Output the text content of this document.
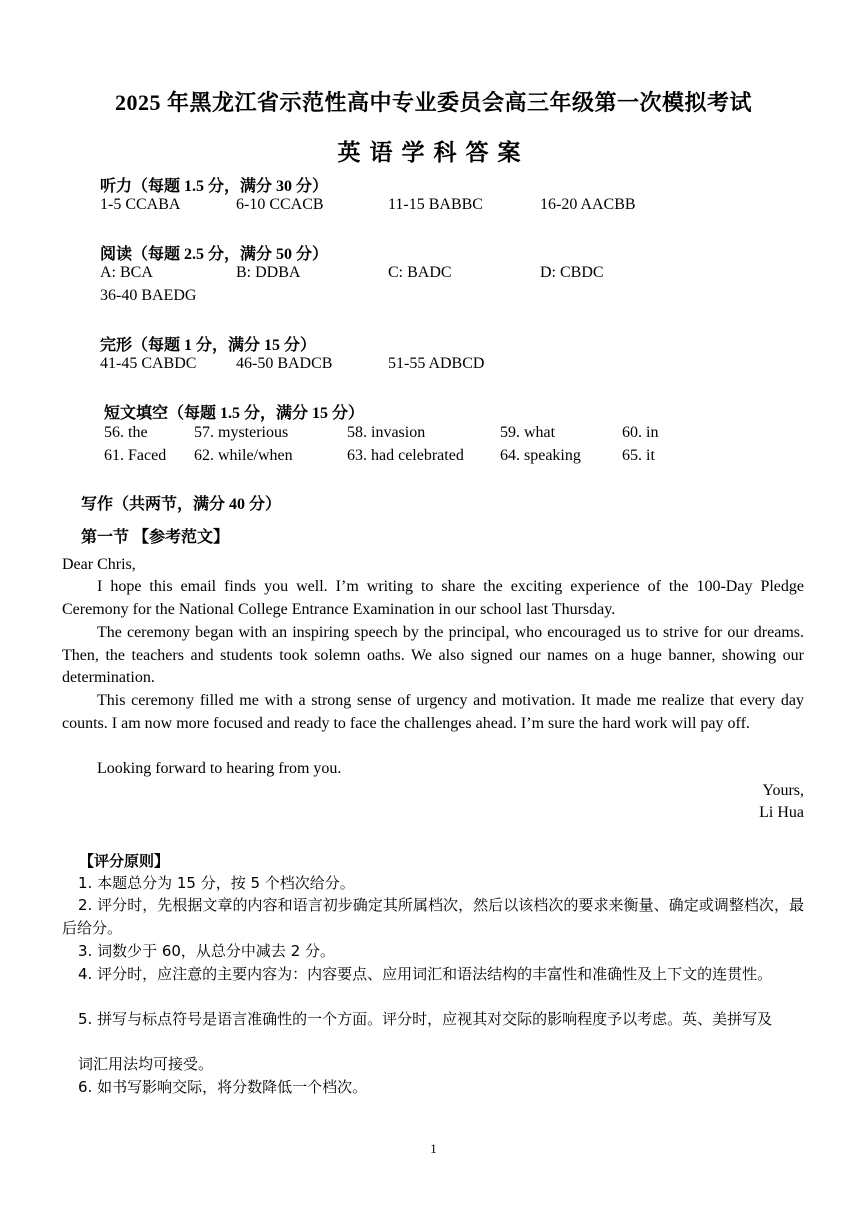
2025 年黑龙江省示范性高中专业委员会高三年级第一次模拟考试
英语学科答案
听力（每题 1.5 分，满分 30 分）
1-5 CCABA	6-10 CCACB	11-15 BABBC	16-20 AACBB
阅读（每题 2.5 分，满分 50 分）
A: BCA	B: DDBA	C: BADC	D: CBDC
36-40 BAEDG
完形（每题 1 分，满分 15 分）
41-45 CABDC 46-50 BADCB	51-55 ADBCD
短文填空（每题 1.5 分，满分 15 分）
56. the	57. mysterious	58. invasion	59. what	60. in
61. Faced 62. while/when	63. had celebrated 64. speaking	65. it
写作（共两节，满分 40 分）
第一节 【参考范文】
Dear Chris,
I hope this email finds you well. I’m writing to share the exciting experience of the 100-Day Pledge Ceremony for the National College Entrance Examination in our school last Thursday.
The ceremony began with an inspiring speech by the principal, who encouraged us to strive for our dreams. Then, the teachers and students took solemn oaths. We also signed our names on a huge banner, showing our determination.
This ceremony filled me with a strong sense of urgency and motivation. It made me realize that every day counts. I am now more focused and ready to face the challenges ahead. I’m sure the hard work will pay off.
Looking forward to hearing from you.
Yours,
Li Hua
【评分原则】
1. 本题总分为 15 分，按 5 个档次给分。
2. 评分时，先根据文章的内容和语言初步确定其所属档次，然后以该档次的要求来衡量、确定或调整档次，最后给分。
3. 词数少于 60，从总分中减去 2 分。
4. 评分时，应注意的主要内容为：内容要点、应用词汇和语法结构的丰富性和准确性及上下文的连贯性。
5. 拼写与标点符号是语言准确性的一个方面。评分时，应视其对交际的影响程度予以考虑。英、美拼写及
词汇用法均可接受。
6. 如书写影响交际，将分数降低一个档次。
1
